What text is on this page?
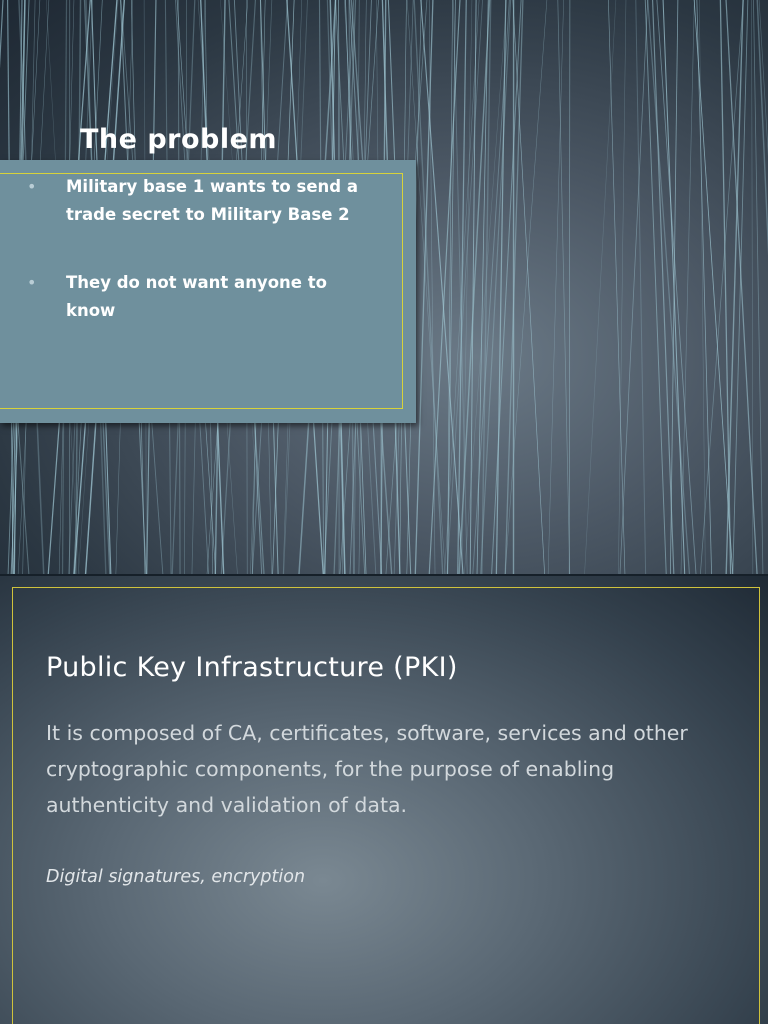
The problem
• Military base 1 wants to send a trade secret to Military Base 2
• They do not want anyone to know
Public Key Infrastructure (PKI)

It is composed of CA, certificates, software, services and other cryptographic components, for the purpose of enabling authenticity and validation of data.

Digital signatures, encryption
